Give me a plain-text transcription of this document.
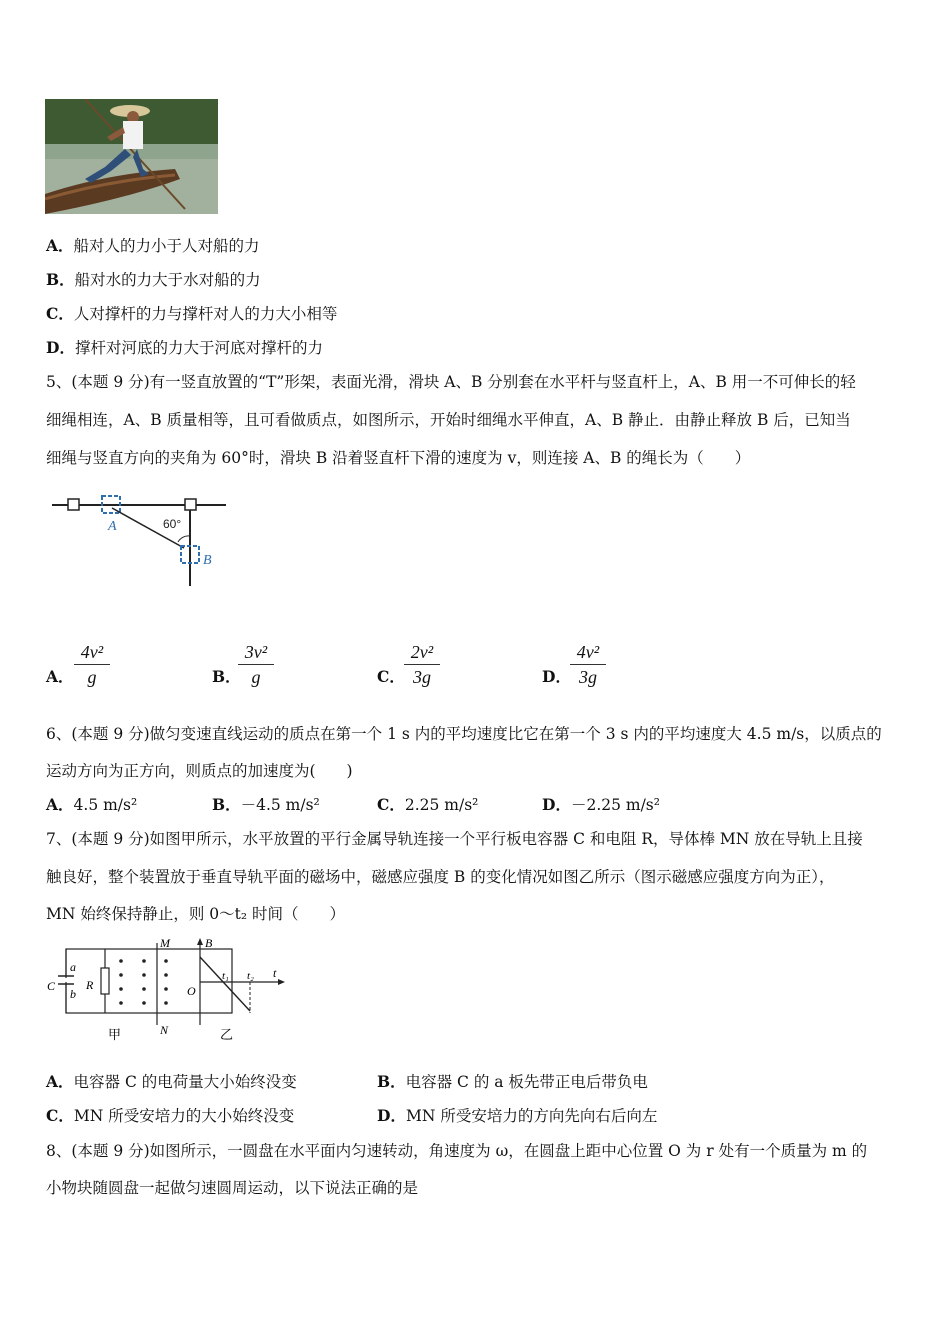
A．船对人的力小于人对船的力
B．船对水的力大于水对船的力
C．人对撑杆的力与撑杆对人的力大小相等
D．撑杆对河底的力大于河底对撑杆的力
5、(本题 9 分)有一竖直放置的“T”形架，表面光滑，滑块 A、B 分别套在水平杆与竖直杆上，A、B 用一不可伸长的轻
细绳相连，A、B 质量相等，且可看做质点，如图所示，开始时细绳水平伸直，A、B 静止．由静止释放 B 后，已知当
细绳与竖直方向的夹角为 60°时，滑块 B 沿着竖直杆下滑的速度为 v，则连接 A、B 的绳长为（　　）
A	60°
B
A． $\frac{\text{4v²}}{g}$	B．
$\frac{\text{3v²}}{g}$	C． $\frac{\text{2v²}}{3g}$	D． $\frac{\text{4v²}}{3g}$
6、(本题 9 分)做匀变速直线运动的质点在第一个 1 s 内的平均速度比它在第一个 3 s 内的平均速度大 4.5 m/s，以质点的
运动方向为正方向，则质点的加速度为(　　)
A．4.5 m/s²	B．－4.5 m/s²	C．2.25 m/s²	D．－2.25 m/s²
7、(本题 9 分)如图甲所示，水平放置的平行金属导轨连接一个平行板电容器 C 和电阻 R，导体棒 MN 放在导轨上且接
触良好，整个装置放于垂直导轨平面的磁场中，磁感应强度 B 的变化情况如图乙所示（图示磁感应强度方向为正），
MN 始终保持静止，则 0～t₂ 时间（　　）
a
b
C	R
M
N
甲
B
O
t₁ t₂ t
乙
A．电容器 C 的电荷量大小始终没变	B．电容器 C 的 a 板先带正电后带负电
C．MN 所受安培力的大小始终没变	D．MN 所受安培力的方向先向右后向左
8、(本题 9 分)如图所示，一圆盘在水平面内匀速转动，角速度为 ω，在圆盘上距中心位置 O 为 r 处有一个质量为 m 的
小物块随圆盘一起做匀速圆周运动，以下说法正确的是
